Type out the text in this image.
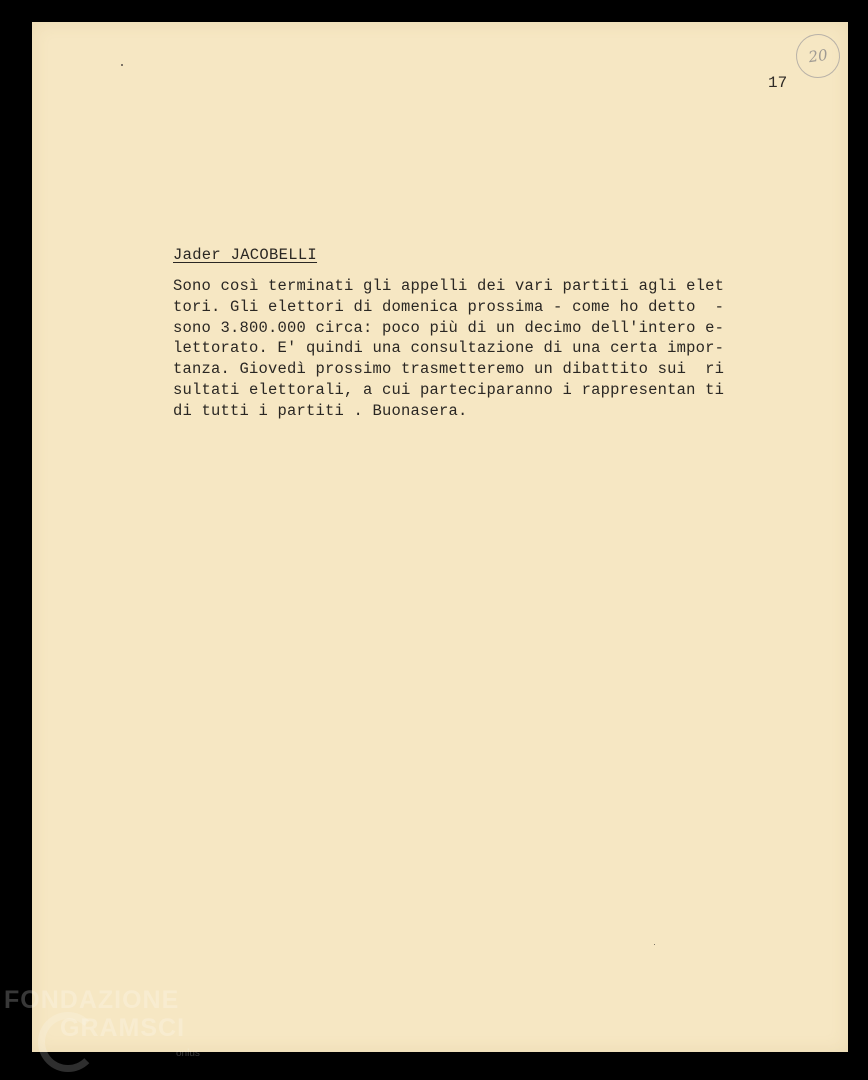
20
17
Jader JACOBELLI
Sono così terminati gli appelli dei vari partiti agli elet
tori. Gli elettori di domenica prossima - come ho detto  -
sono 3.800.000 circa: poco più di un decimo dell'intero e-
lettorato. E' quindi una consultazione di una certa impor-
tanza. Giovedì prossimo trasmetteremo un dibattito sui  ri
sultati elettorali, a cui parteciparanno i rappresentan ti
di tutti i partiti . Buonasera.
FONDAZIONE
GRAMSCI
onlus
